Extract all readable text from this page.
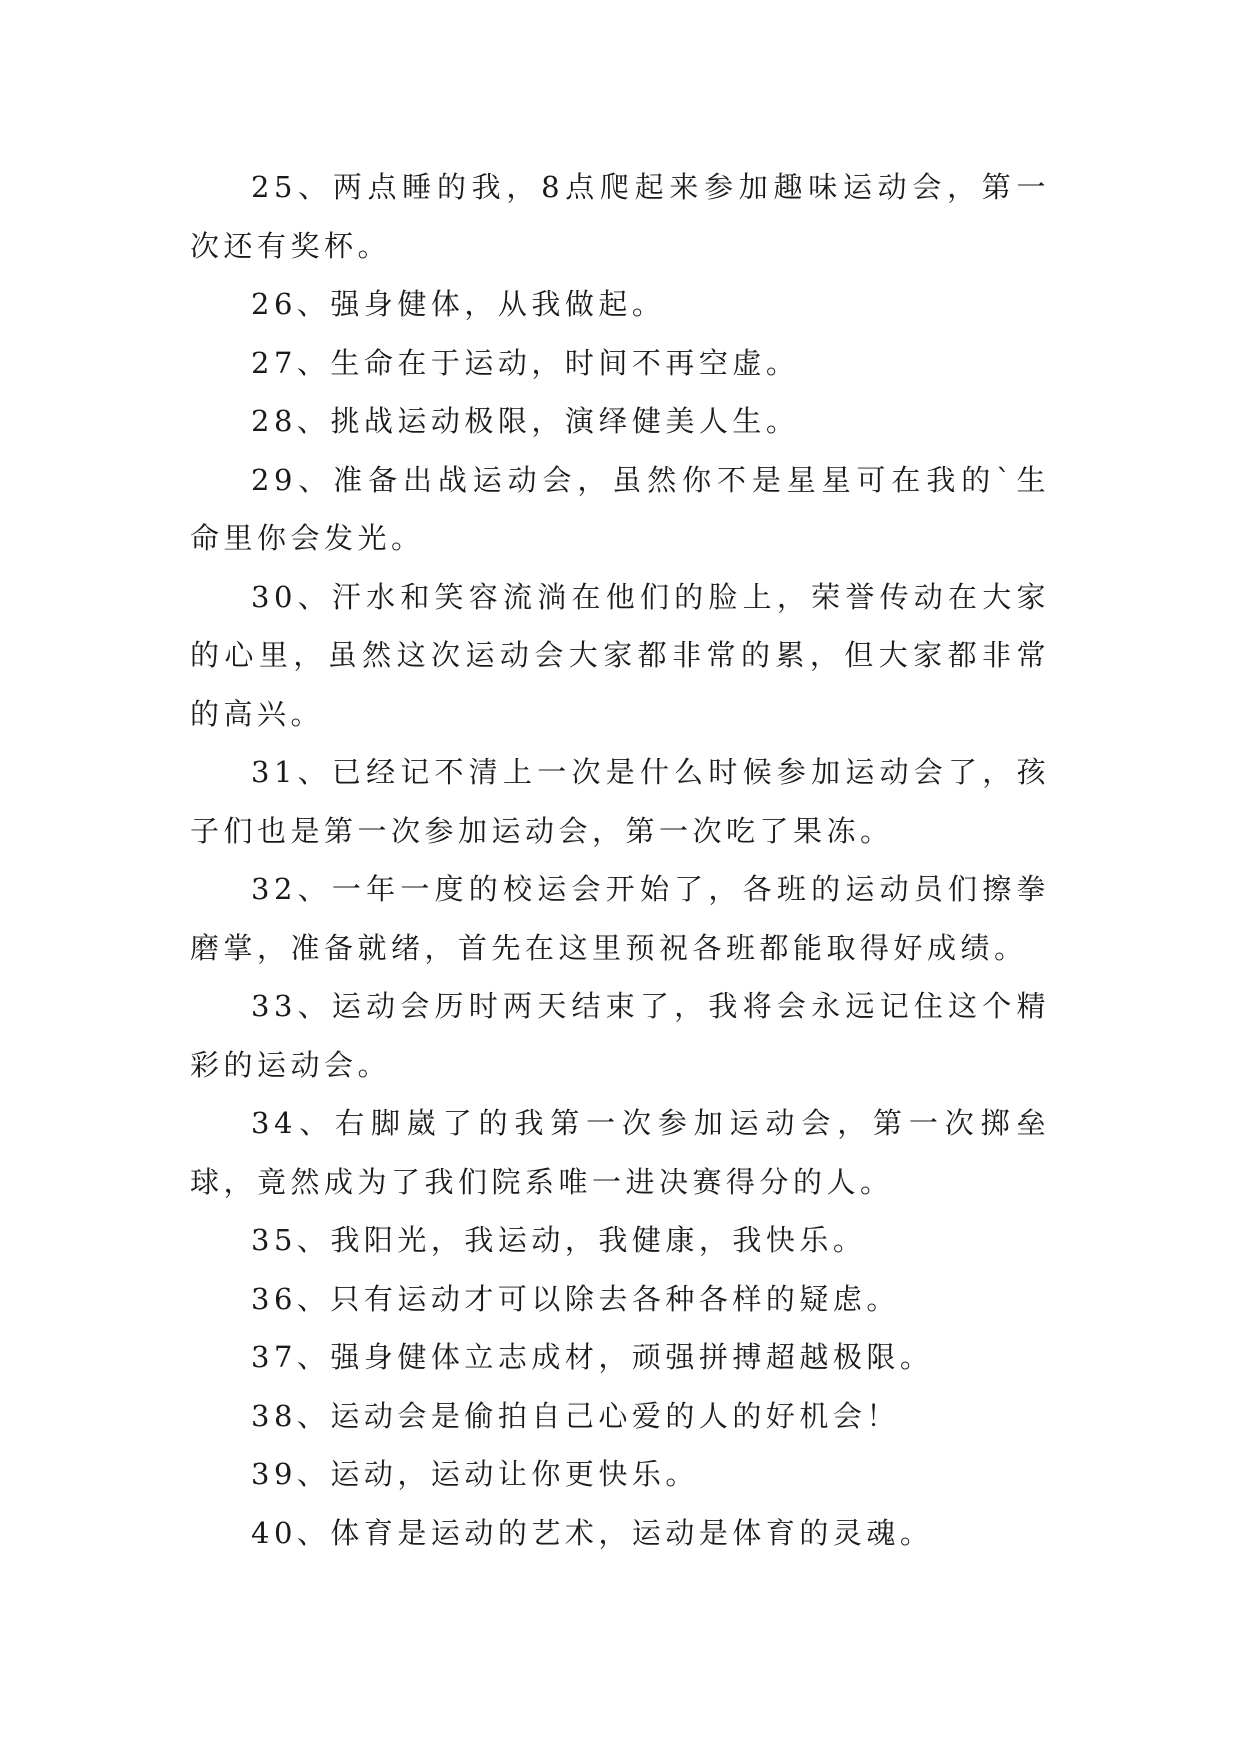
25、两点睡的我，8点爬起来参加趣味运动会，第一次还有奖杯。

26、强身健体，从我做起。

27、生命在于运动，时间不再空虚。

28、挑战运动极限，演绎健美人生。

29、准备出战运动会，虽然你不是星星可在我的`生命里你会发光。

30、汗水和笑容流淌在他们的脸上，荣誉传动在大家的心里，虽然这次运动会大家都非常的累，但大家都非常的高兴。

31、已经记不清上一次是什么时候参加运动会了，孩子们也是第一次参加运动会，第一次吃了果冻。

32、一年一度的校运会开始了，各班的运动员们擦拳磨掌，准备就绪，首先在这里预祝各班都能取得好成绩。

33、运动会历时两天结束了，我将会永远记住这个精彩的运动会。

34、右脚崴了的我第一次参加运动会，第一次掷垒球，竟然成为了我们院系唯一进决赛得分的人。

35、我阳光，我运动，我健康，我快乐。

36、只有运动才可以除去各种各样的疑虑。

37、强身健体立志成材，顽强拼搏超越极限。

38、运动会是偷拍自己心爱的人的好机会！

39、运动，运动让你更快乐。

40、体育是运动的艺术，运动是体育的灵魂。
